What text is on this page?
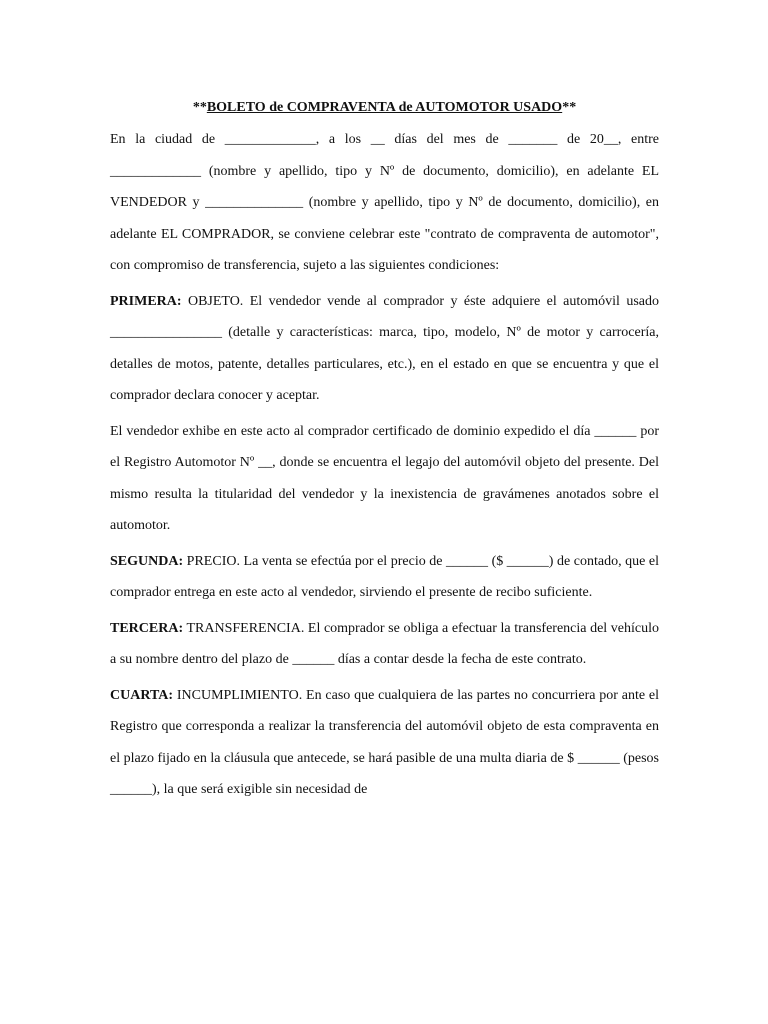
**BOLETO de COMPRAVENTA de AUTOMOTOR USADO**

En la ciudad de _____________, a los __ días del mes de _______ de 20__, entre _____________ (nombre y apellido, tipo y Nº de documento, domicilio), en adelante EL VENDEDOR y ______________ (nombre y apellido, tipo y Nº de documento, domicilio), en adelante EL COMPRADOR, se conviene celebrar este "contrato de compraventa de automotor", con compromiso de transferencia, sujeto a las siguientes condiciones:

PRIMERA: OBJETO. El vendedor vende al comprador y éste adquiere el automóvil usado ________________ (detalle y características: marca, tipo, modelo, Nº de motor y carrocería, detalles de motos, patente, detalles particulares, etc.), en el estado en que se encuentra y que el comprador declara conocer y aceptar.

El vendedor exhibe en este acto al comprador certificado de dominio expedido el día ______ por el Registro Automotor Nº __, donde se encuentra el legajo del automóvil objeto del presente. Del mismo resulta la titularidad del vendedor y la inexistencia de gravámenes anotados sobre el automotor.

SEGUNDA: PRECIO. La venta se efectúa por el precio de ______ ($ ______) de contado, que el comprador entrega en este acto al vendedor, sirviendo el presente de recibo suficiente.

TERCERA: TRANSFERENCIA. El comprador se obliga a efectuar la transferencia del vehículo a su nombre dentro del plazo de ______ días a contar desde la fecha de este contrato.

CUARTA: INCUMPLIMIENTO. En caso que cualquiera de las partes no concurriera por ante el Registro que corresponda a realizar la transferencia del automóvil objeto de esta compraventa en el plazo fijado en la cláusula que antecede, se hará pasible de una multa diaria de $ ______ (pesos ______), la que será exigible sin necesidad de
